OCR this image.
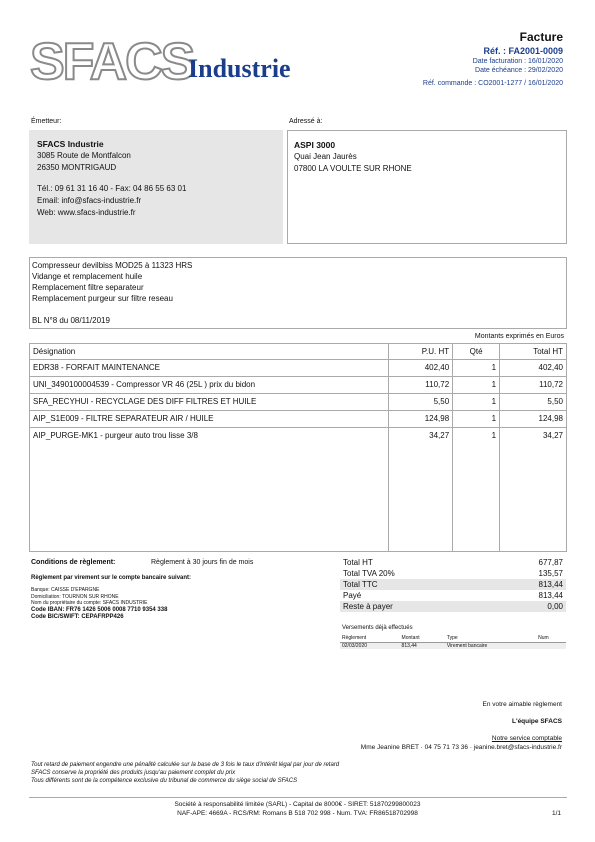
SFACS
Industrie
Facture
Réf. : FA2001-0009
Date facturation : 16/01/2020
Date échéance : 29/02/2020
Réf. commande : CO2001-1277 / 16/01/2020
Émetteur:
SFACS Industrie
3085 Route de Montfalcon
26350 MONTRIGAUD
Tél.: 09 61 31 16 40 - Fax: 04 86 55 63 01
Email: info@sfacs-industrie.fr
Web: www.sfacs-industrie.fr
Adressé à:
ASPI 3000
Quai Jean Jaurès
07800 LA VOULTE SUR RHONE
Compresseur devilbiss MOD25 à 11323 HRS
Vidange et remplacement huile
Remplacement filtre separateur
Remplacement purgeur sur filtre reseau
BL N°8 du 08/11/2019
Montants exprimés en Euros
Désignation	P.U. HT	Qté	Total HT
EDR38 - FORFAIT MAINTENANCE	402,40	1	402,40
UNI_3490100004539 - Compressor VR 46 (25L ) prix du bidon	110,72	1	110,72
SFA_RECYHUI - RECYCLAGE DES DIFF FILTRES ET HUILE	5,50	1	5,50
AIP_S1E009 - FILTRE SEPARATEUR AIR / HUILE	124,98	1	124,98
AIP_PURGE-MK1 - purgeur auto trou lisse 3/8	34,27	1	34,27
Conditions de règlement:	Règlement à 30 jours fin de mois
Règlement par virement sur le compte bancaire suivant:
Banque: CAISSE D'EPARGNE
Domiciliation: TOURNON SUR RHONE
Nom du propriétaire du compte: SFACS INDUSTRIE
Code IBAN: FR76 1426 5006 0008 7710 9354 338
Code BIC/SWIFT: CEPAFRPP426
Total HT	677,87
Total TVA 20%	135,57
Total TTC	813,44
Payé	813,44
Reste à payer	0,00
Versements déjà effectués
Règlement	Montant	Type	Num
02/03/2020	813,44	Virement bancaire	
En votre aimable règlement
L'équipe SFACS
Notre service comptable
Mme Jeanine BRET · 04 75 71 73 36 · jeanine.bret@sfacs-industrie.fr
Tout retard de paiement engendre une pénalité calculée sur la base de 3 fois le taux d'intérêt légal par jour de retard
SFACS conserve la propriété des produits jusqu'au paiement complet du prix
Tous différents sont de la compétence exclusive du tribunal de commerce du siège social de SFACS
Société à responsabilité limitée (SARL) - Capital de 8000€ - SIRET: 51870299800023
NAF-APE: 4669A - RCS/RM: Romans B 518 702 998 - Num. TVA: FR86518702998	1/1
